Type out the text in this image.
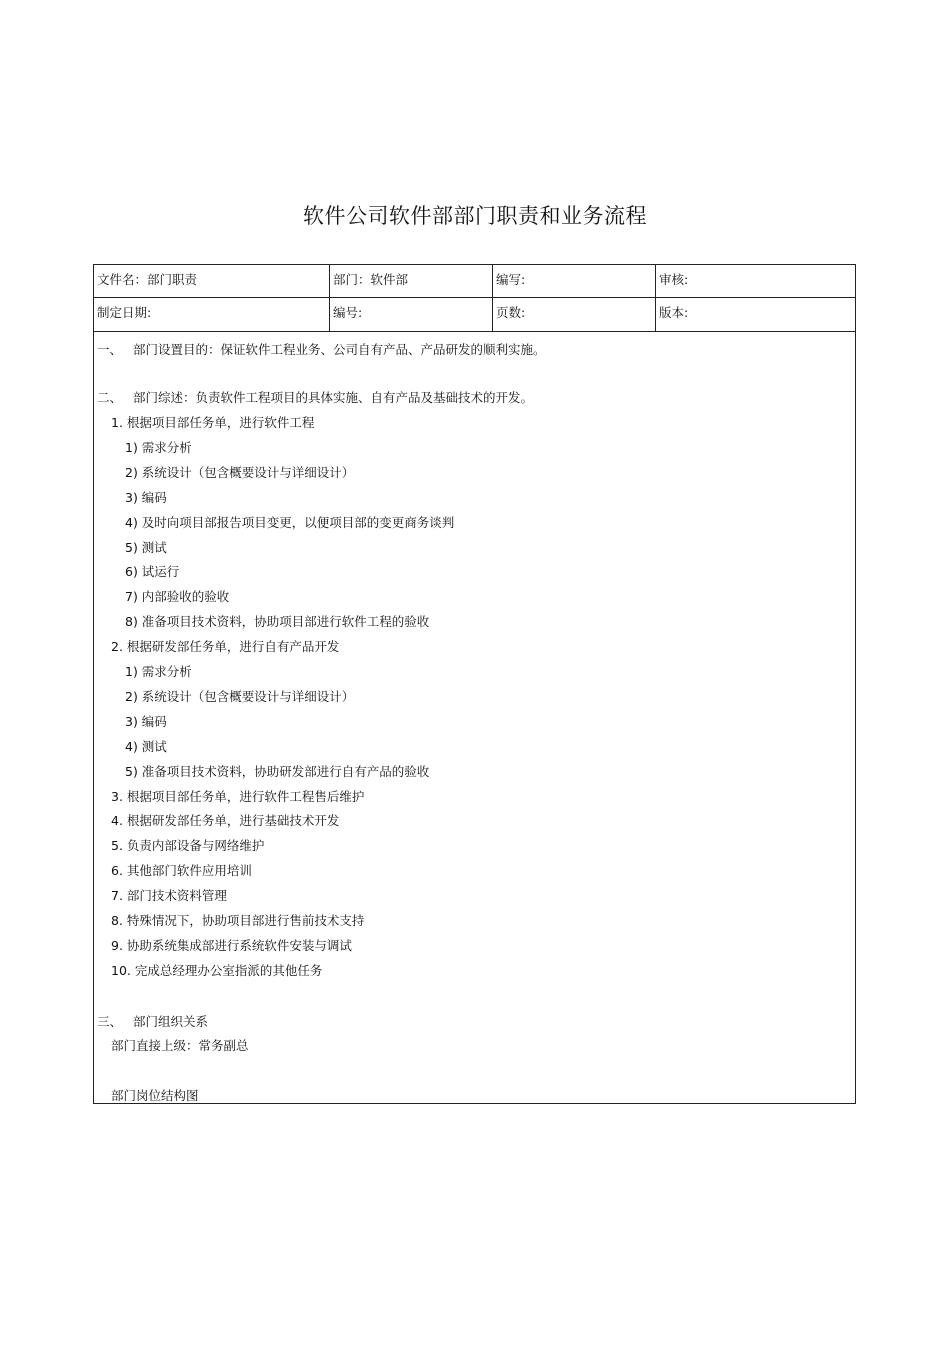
软件公司软件部部门职责和业务流程
文件名：部门职责	部门：软件部	编写:	审核:
制定日期:	编号:	页数:	版本:
一、 部门设置目的：保证软件工程业务、公司自有产品、产品研发的顺利实施。
二、 部门综述：负责软件工程项目的具体实施、自有产品及基础技术的开发。
1. 根据项目部任务单，进行软件工程
1) 需求分析
2) 系统设计（包含概要设计与详细设计）
3) 编码
4) 及时向项目部报告项目变更，以便项目部的变更商务谈判
5) 测试
6) 试运行
7) 内部验收的验收
8) 准备项目技术资料，协助项目部进行软件工程的验收
2. 根据研发部任务单，进行自有产品开发
1) 需求分析
2) 系统设计（包含概要设计与详细设计）
3) 编码
4) 测试
5) 准备项目技术资料，协助研发部进行自有产品的验收
3. 根据项目部任务单，进行软件工程售后维护
4. 根据研发部任务单，进行基础技术开发
5. 负责内部设备与网络维护
6. 其他部门软件应用培训
7. 部门技术资料管理
8. 特殊情况下，协助项目部进行售前技术支持
9. 协助系统集成部进行系统软件安装与调试
10. 完成总经理办公室指派的其他任务
三、 部门组织关系
部门直接上级：常务副总
部门岗位结构图
